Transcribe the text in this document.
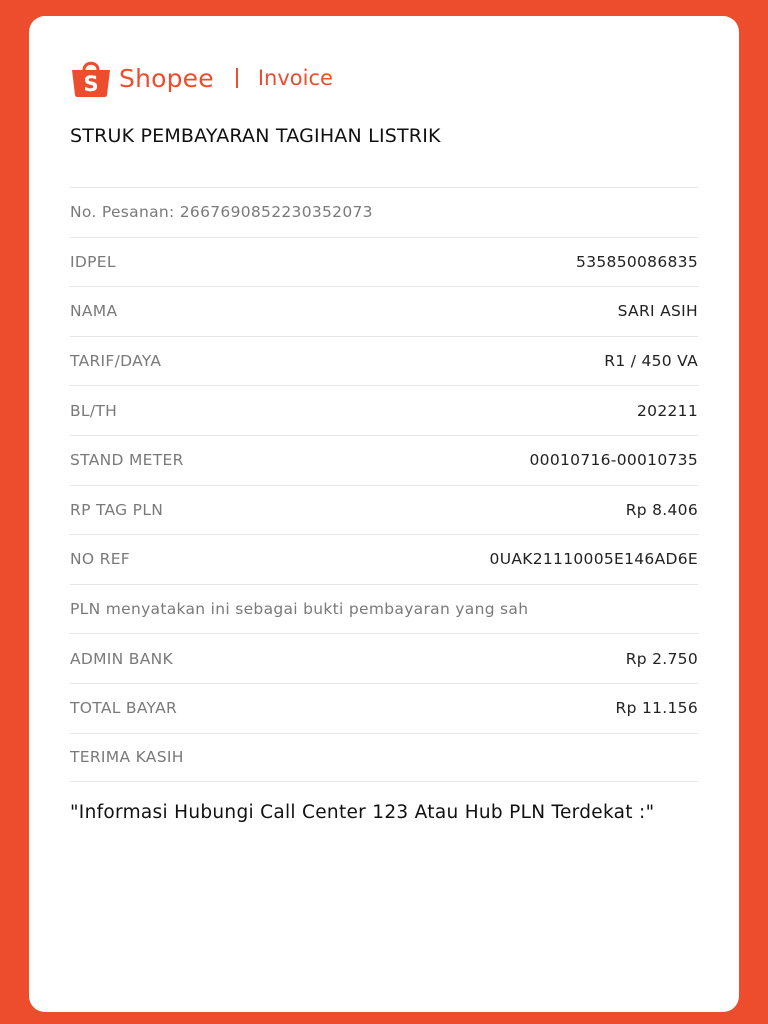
S Shopee Invoice
STRUK PEMBAYARAN TAGIHAN LISTRIK
No. Pesanan: 2667690852230352073
IDPEL	535850086835
NAMA	SARI ASIH
TARIF/DAYA	R1 / 450 VA
BL/TH	202211
STAND METER	00010716-00010735
RP TAG PLN	Rp 8.406
NO REF	0UAK21110005E146AD6E
PLN menyatakan ini sebagai bukti pembayaran yang sah
ADMIN BANK	Rp 2.750
TOTAL BAYAR	Rp 11.156
TERIMA KASIH
"Informasi Hubungi Call Center 123 Atau Hub PLN Terdekat :"
